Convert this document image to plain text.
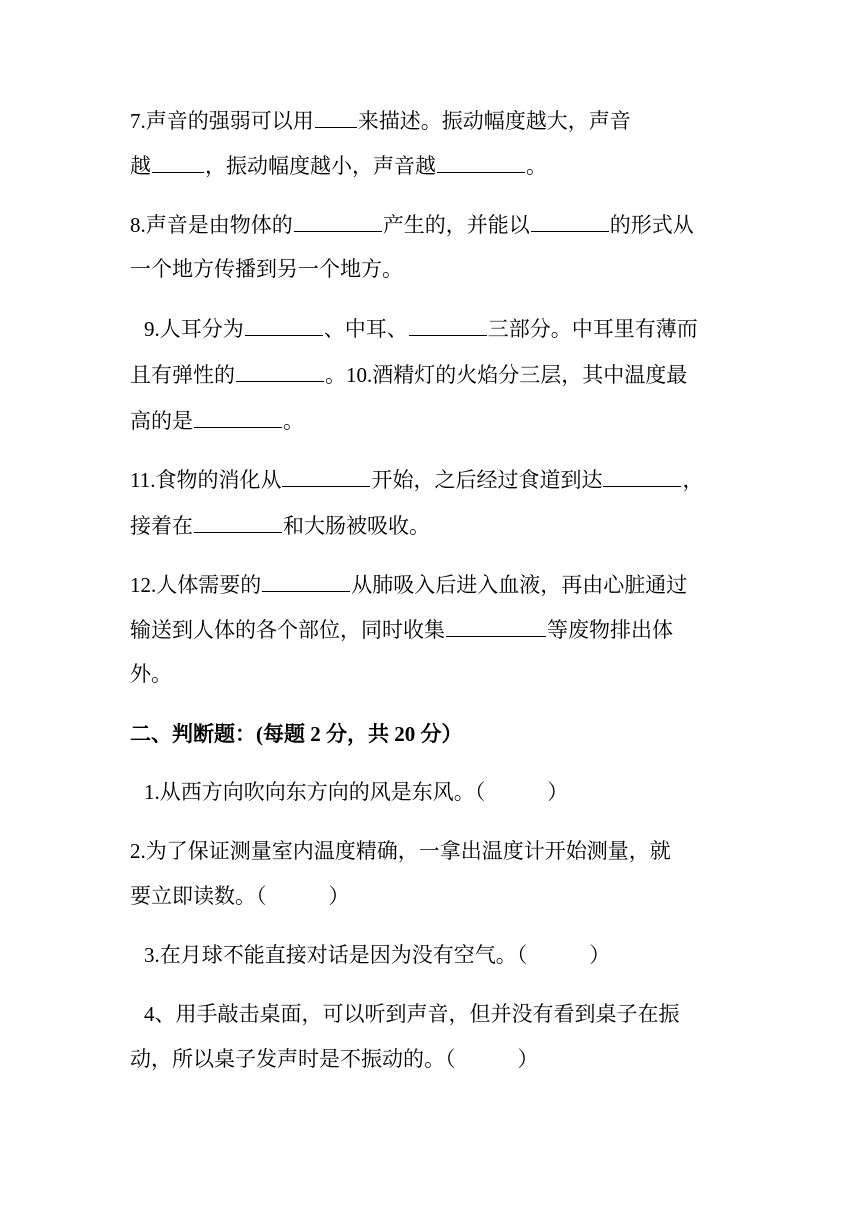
7.声音的强弱可以用 来描述。振动幅度越大，声音
越	，振动幅度越小，声音越	。
8.声音是由物体的	产生的，并能以	的形式从
一个地方传播到另一个地方。
9.人耳分为	、中耳、	三部分。中耳里有薄而
且有弹性的	。10.酒精灯的火焰分三层，其中温度最
高的是	。
11.食物的消化从	开始，之后经过食道到达	，
接着在	和大肠被吸收。
12.人体需要的	从肺吸入后进入血液，再由心脏通过
输送到人体的各个部位，同时收集	等废物排出体
外。
二、判断题：(每题 2 分，共 20 分）
1.从西方向吹向东方向的风是东风。（	）
2.为了保证测量室内温度精确，一拿出温度计开始测量，就
要立即读数。（	）
3.在月球不能直接对话是因为没有空气。（	）
4、用手敲击桌面，可以听到声音，但并没有看到桌子在振
动，所以桌子发声时是不振动的。（	）
